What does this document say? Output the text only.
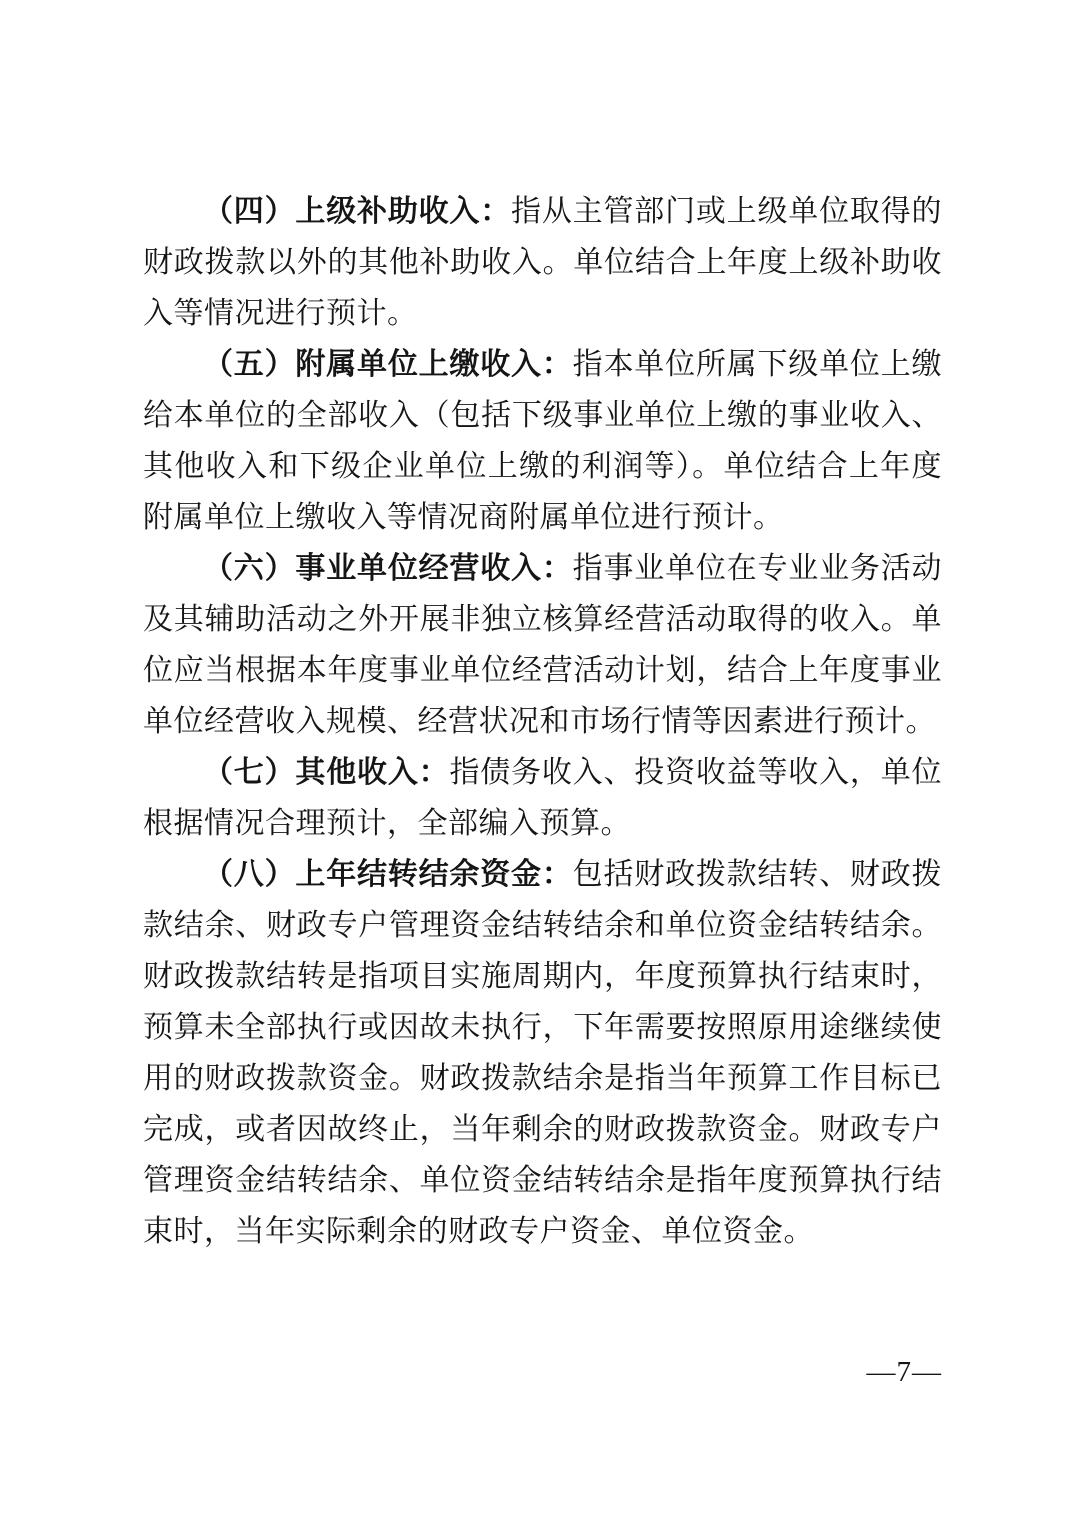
（四）上级补助收入：指从主管部门或上级单位取得的财政拨款以外的其他补助收入。单位结合上年度上级补助收入等情况进行预计。

（五）附属单位上缴收入：指本单位所属下级单位上缴给本单位的全部收入（包括下级事业单位上缴的事业收入、其他收入和下级企业单位上缴的利润等）。单位结合上年度附属单位上缴收入等情况商附属单位进行预计。

（六）事业单位经营收入：指事业单位在专业业务活动及其辅助活动之外开展非独立核算经营活动取得的收入。单位应当根据本年度事业单位经营活动计划，结合上年度事业单位经营收入规模、经营状况和市场行情等因素进行预计。

（七）其他收入：指债务收入、投资收益等收入，单位根据情况合理预计，全部编入预算。

（八）上年结转结余资金：包括财政拨款结转、财政拨款结余、财政专户管理资金结转结余和单位资金结转结余。财政拨款结转是指项目实施周期内，年度预算执行结束时，预算未全部执行或因故未执行，下年需要按照原用途继续使用的财政拨款资金。财政拨款结余是指当年预算工作目标已完成，或者因故终止，当年剩余的财政拨款资金。财政专户管理资金结转结余、单位资金结转结余是指年度预算执行结束时，当年实际剩余的财政专户资金、单位资金。

—7—
